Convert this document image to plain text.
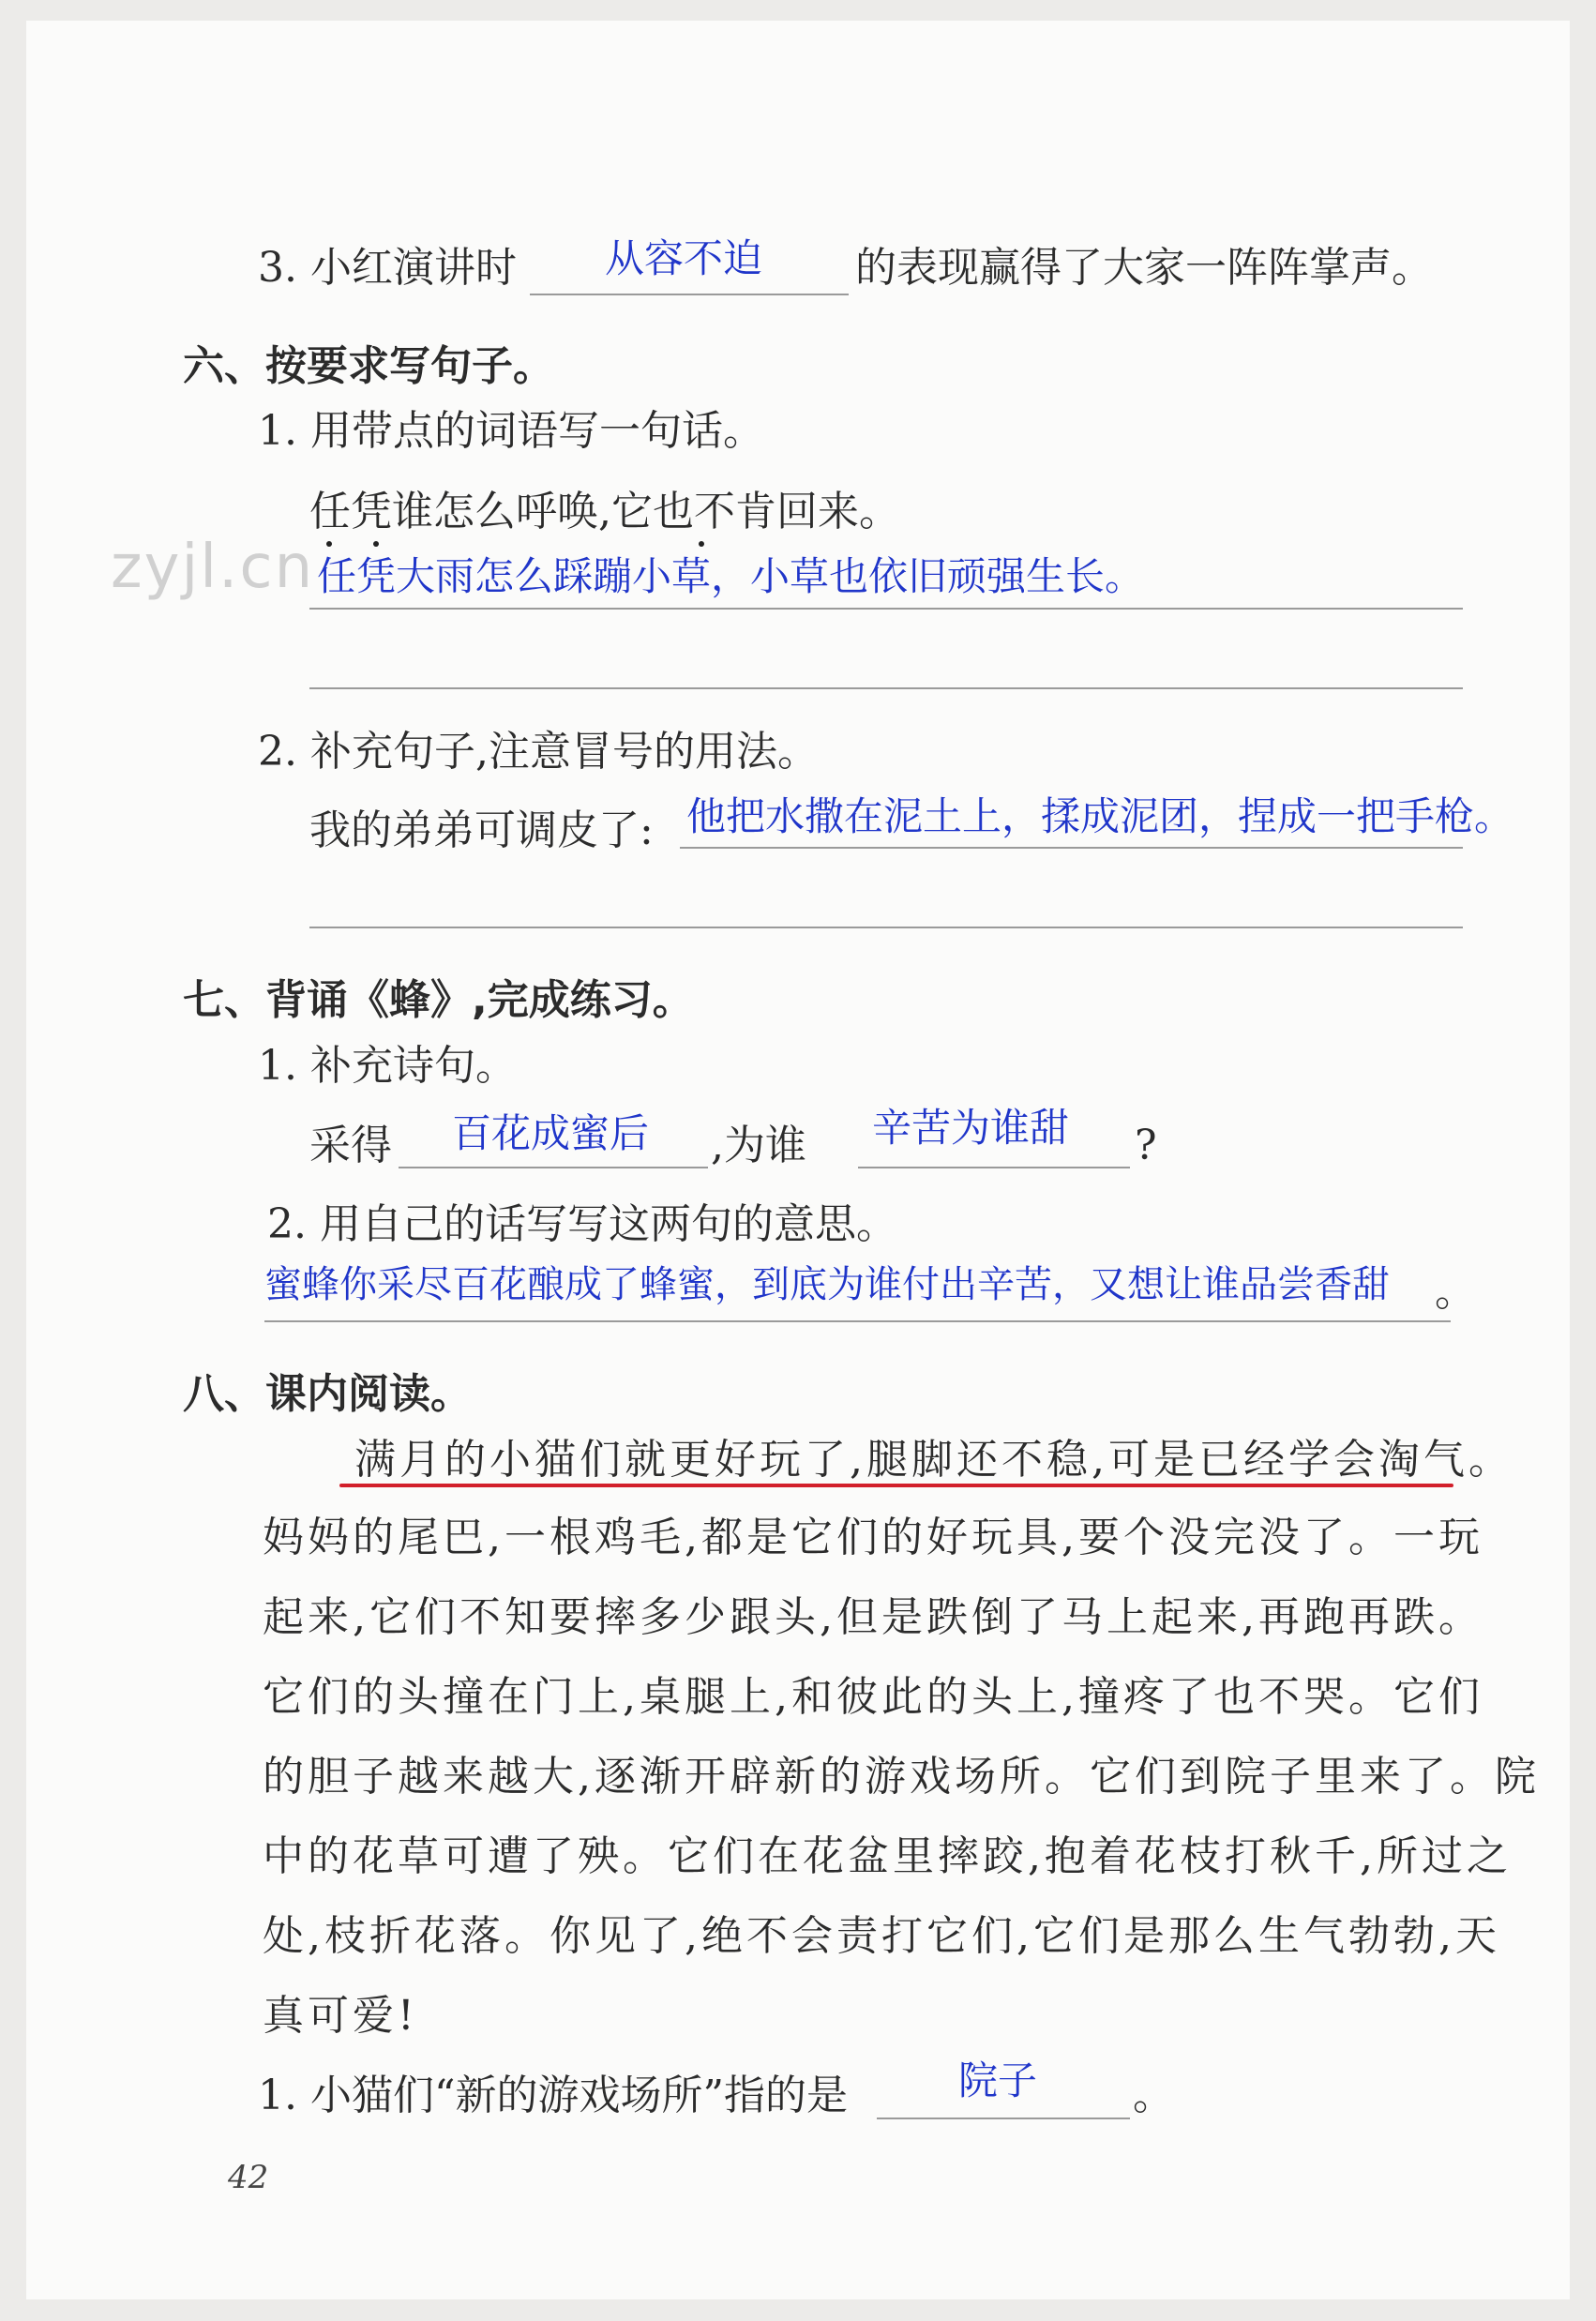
3. 小红演讲时 从容不迫 的表现赢得了大家一阵阵掌声。
六、按要求写句子。
1. 用带点的词语写一句话。
任凭谁怎么呼唤,它也不肯回来。
zyjl.cn 任凭大雨怎么踩蹦小草，小草也依旧顽强生长。
2. 补充句子,注意冒号的用法。
我的弟弟可调皮了: 他把水撒在泥土上，揉成泥团，捏成一把手枪。
七、背诵《蜂》,完成练习。
1. 补充诗句。
采得 百花成蜜后 ,为谁 辛苦为谁甜 ?
2. 用自己的话写写这两句的意思。
蜜蜂你采尽百花酿成了蜂蜜，到底为谁付出辛苦，又想让谁品尝香甜 。
八、课内阅读。
满月的小猫们就更好玩了,腿脚还不稳,可是已经学会淘气。
妈妈的尾巴,一根鸡毛,都是它们的好玩具,要个没完没了。一玩
起来,它们不知要摔多少跟头,但是跌倒了马上起来,再跑再跌。
它们的头撞在门上,桌腿上,和彼此的头上,撞疼了也不哭。它们
的胆子越来越大,逐渐开辟新的游戏场所。它们到院子里来了。院
中的花草可遭了殃。它们在花盆里摔跤,抱着花枝打秋千,所过之
处,枝折花落。你见了,绝不会责打它们,它们是那么生气勃勃,天
真可爱!
1. 小猫们“新的游戏场所”指的是	院子 。
42
